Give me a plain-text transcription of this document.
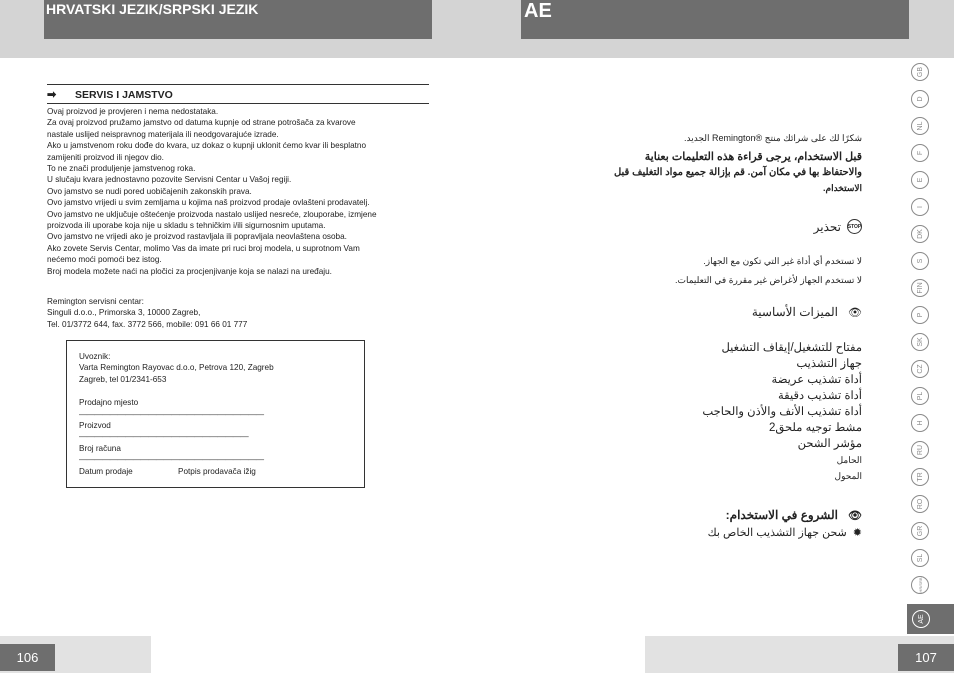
HRVATSKI JEZIK/SRPSKI JEZIK	AE
➡ SERVIS I JAMSTVO

Ovaj proizvod je provjeren i nema nedostataka.

Za ovaj proizvod pružamo jamstvo od datuma kupnje od strane potrošača za kvarove

nastale uslijed neispravnog materijala ili neodgovarajuće izrade.

Ako u jamstvenom roku dođe do kvara, uz dokaz o kupnji uklonit ćemo kvar ili besplatno

zamijeniti proizvod ili njegov dio.

To ne znači produljenje jamstvenog roka.

U slučaju kvara jednostavno pozovite Servisni Centar u Vašoj regiji.

Ovo jamstvo se nudi pored uobičajenih zakonskih prava.

Ovo jamstvo vrijedi u svim zemljama u kojima naš proizvod prodaje ovlašteni prodavatelj.

Ovo jamstvo ne uključuje oštećenje proizvoda nastalo uslijed nesreće, zlouporabe, izmjene

proizvoda ili uporabe koja nije u skladu s tehničkim i/ili sigurnosnim uputama.

Ovo jamstvo ne vrijedi ako je proizvod rastavljala ili popravljala neovlaštena osoba.

Ako zovete Servis Centar, molimo Vas da imate pri ruci broj modela, u suprotnom Vam

nećemo moći pomoći bez istog.

Broj modela možete naći na pločici za procjenjivanje koja se nalazi na uređaju.

Remington servisni centar:

Singuli d.o.o., Primorska 3, 10000 Zagreb,

Tel. 01/3772 644, fax. 3772 566, mobile: 091 66 01 777

Uvoznik:

Varta Remington Rayovac d.o.o, Petrova 120, Zagreb

Zagreb, tel 01/2341-653

Prodajno mjesto

————————————————————————

Proizvod

——————————————————————

Broj računa

————————————————————————

Datum prodaje	Potpis prodavača ižig

شكرًا لك على شرائك منتج ®Remington الجديد.

قبل الاستخدام، يرجى قراءة هذه التعليمات بعناية

والاحتفاظ بها في مكان آمن. قم بإزالة جميع مواد التغليف قبل

الاستخدام.

STOP
تحذير

لا تستخدم أي أداة غير التي تكون مع الجهاز.

لا تستخدم الجهاز لأغراض غير مقررة في التعليمات.

👁
الميزات الأساسية

مفتاح للتشغيل/إيقاف التشغيل

جهاز التشذيب

أداة تشذيب عريضة

أداة تشذيب دقيقة

أداة تشذيب الأنف والأذن والحاجب

مشط توجيه ملحق2

مؤشر الشحن

الحامل

المحول

👁
الشروع في الاستخدام:
✹
شحن جهاز التشذيب الخاص بك
GB
D
NL
F
E
I
DK
S
FIN
P
SK
CZ
PL
H
RU
TR
RO
GR
SL
HR/SRB
AE
106	107
